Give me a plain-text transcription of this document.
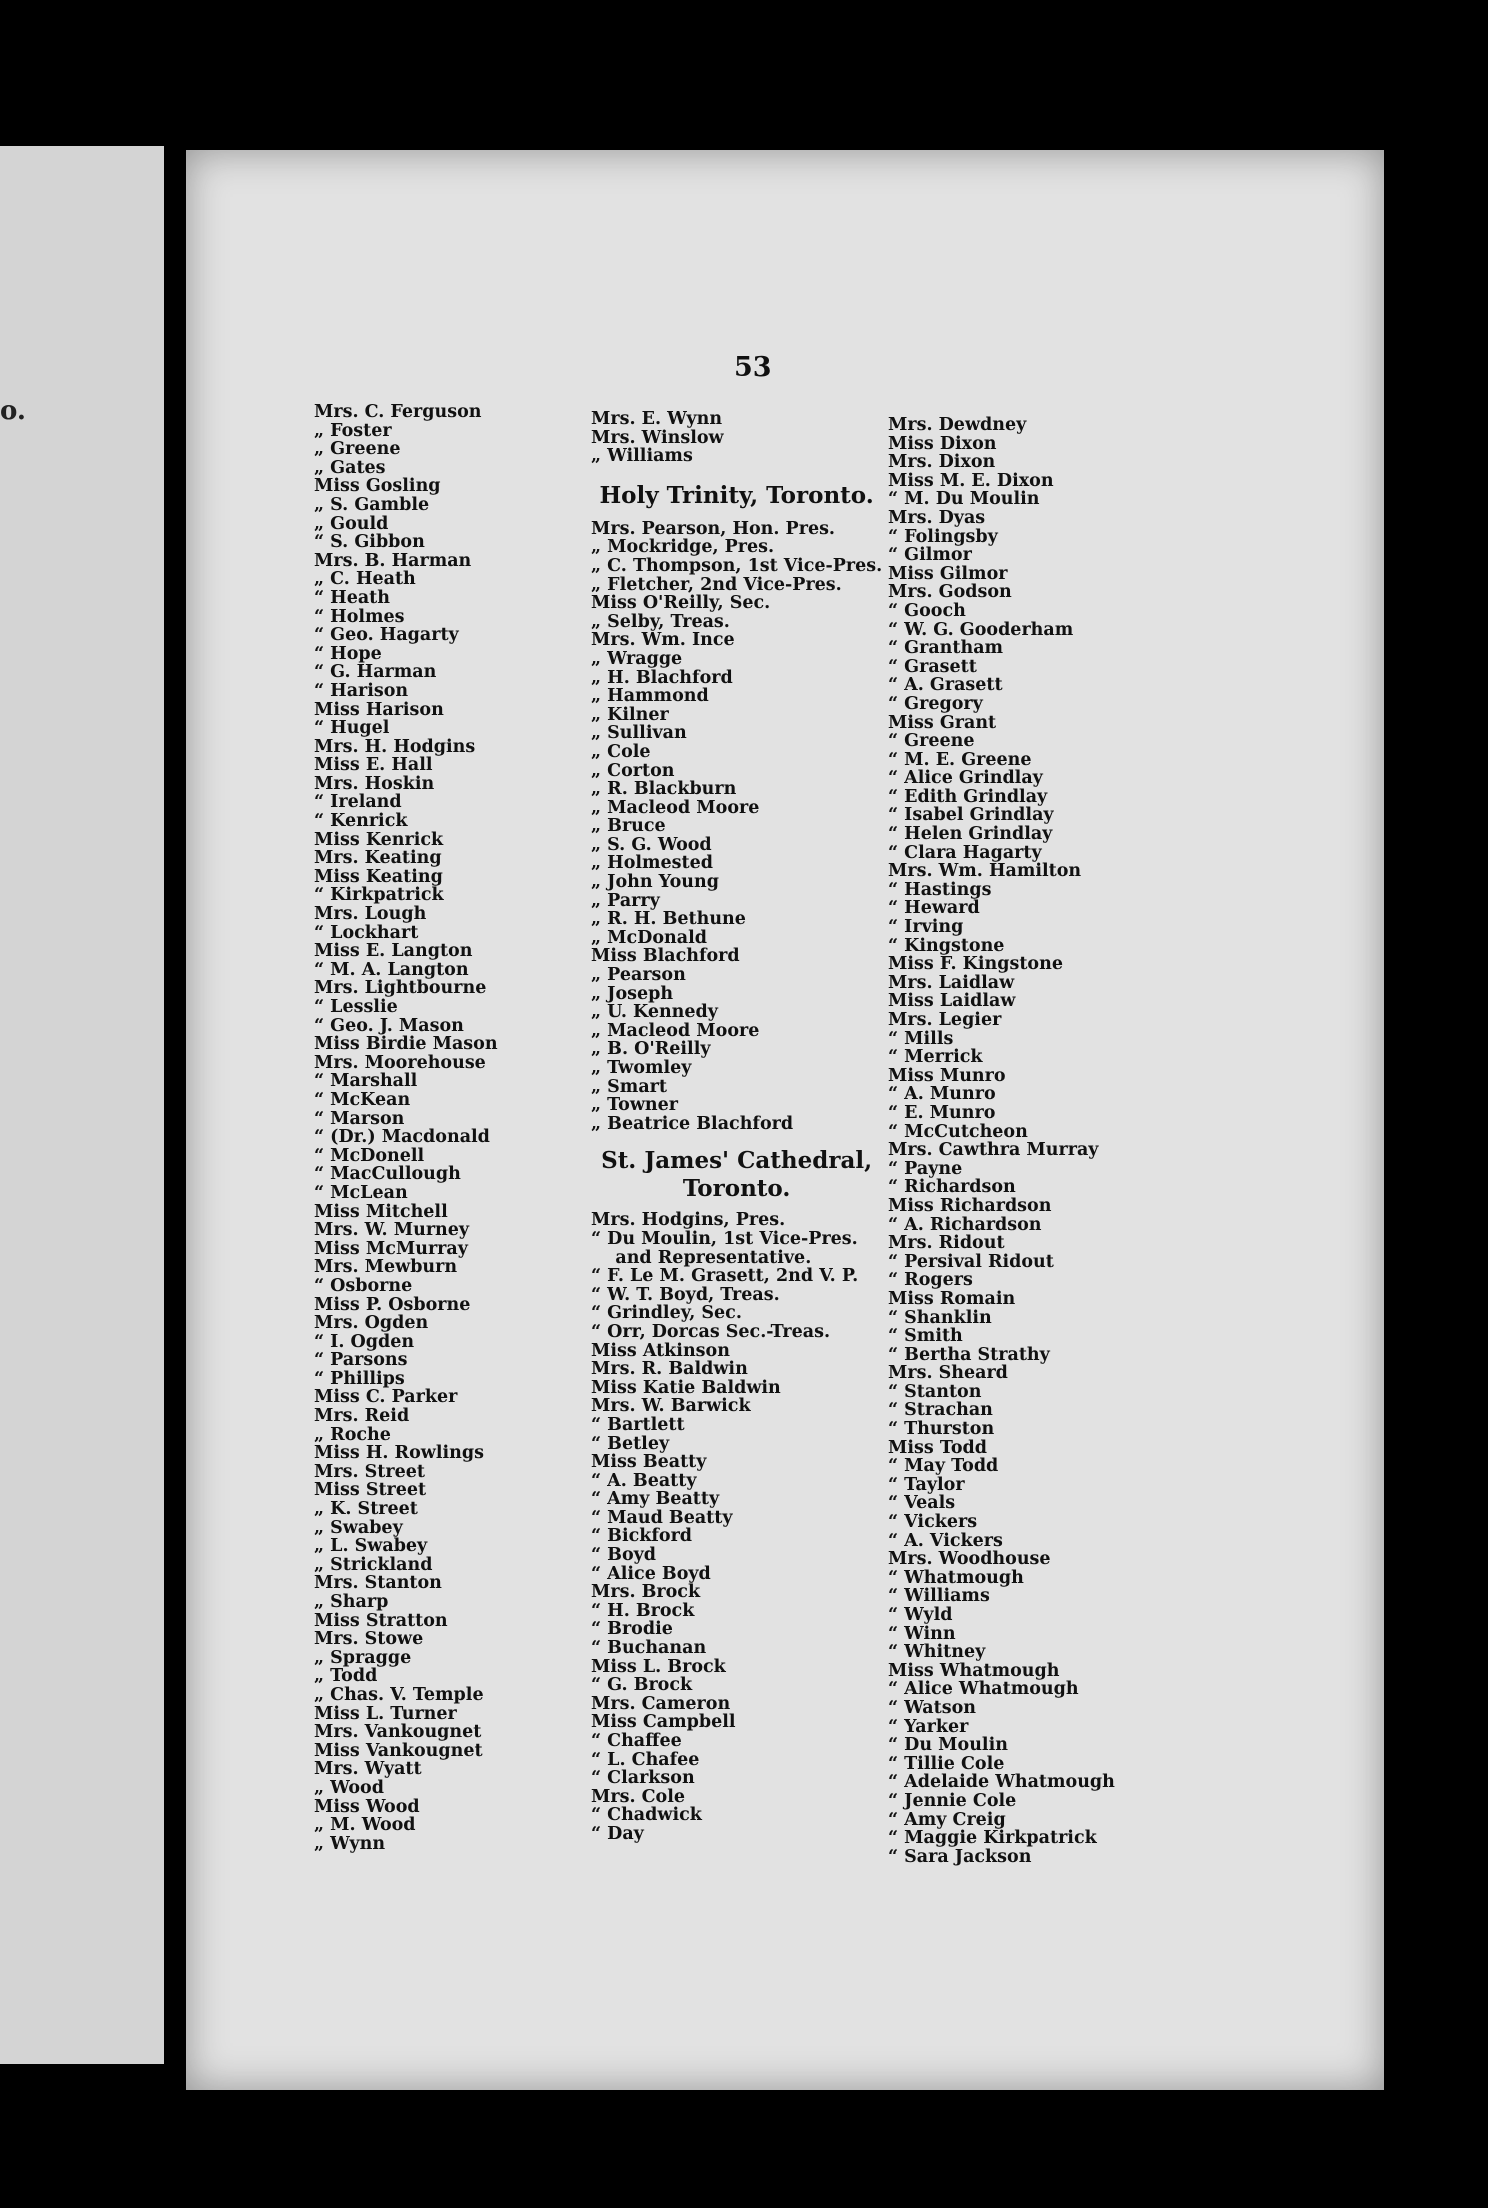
o.
53
Mrs. C. Ferguson
„ Foster
„ Greene
„ Gates
Miss Gosling
„ S. Gamble
„ Gould
“ S. Gibbon
Mrs. B. Harman
„ C. Heath
“ Heath
“ Holmes
“ Geo. Hagarty
“ Hope
“ G. Harman
“ Harison
Miss Harison
“ Hugel
Mrs. H. Hodgins
Miss E. Hall
Mrs. Hoskin
“ Ireland
“ Kenrick
Miss Kenrick
Mrs. Keating
Miss Keating
“ Kirkpatrick
Mrs. Lough
“ Lockhart
Miss E. Langton
“ M. A. Langton
Mrs. Lightbourne
“ Lesslie
“ Geo. J. Mason
Miss Birdie Mason
Mrs. Moorehouse
“ Marshall
“ McKean
“ Marson
“ (Dr.) Macdonald
“ McDonell
“ MacCullough
“ McLean
Miss Mitchell
Mrs. W. Murney
Miss McMurray
Mrs. Mewburn
“ Osborne
Miss P. Osborne
Mrs. Ogden
“ I. Ogden
“ Parsons
“ Phillips
Miss C. Parker
Mrs. Reid
„ Roche
Miss H. Rowlings
Mrs. Street
Miss Street
„ K. Street
„ Swabey
„ L. Swabey
„ Strickland
Mrs. Stanton
„ Sharp
Miss Stratton
Mrs. Stowe
„ Spragge
„ Todd
„ Chas. V. Temple
Miss L. Turner
Mrs. Vankougnet
Miss Vankougnet
Mrs. Wyatt
„ Wood
Miss Wood
„ M. Wood
„ Wynn
Mrs. E. Wynn
Mrs. Winslow
„ Williams
Holy Trinity, Toronto.
Mrs. Pearson, Hon. Pres.
„ Mockridge, Pres.
„ C. Thompson, 1st Vice-Pres.
„ Fletcher, 2nd Vice-Pres.
Miss O'Reilly, Sec.
„ Selby, Treas.
Mrs. Wm. Ince
„ Wragge
„ H. Blachford
„ Hammond
„ Kilner
„ Sullivan
„ Cole
„ Corton
„ R. Blackburn
„ Macleod Moore
„ Bruce
„ S. G. Wood
„ Holmested
„ John Young
„ Parry
„ R. H. Bethune
„ McDonald
Miss Blachford
„ Pearson
„ Joseph
„ U. Kennedy
„ Macleod Moore
„ B. O'Reilly
„ Twomley
„ Smart
„ Towner
„ Beatrice Blachford
St. James' Cathedral,
Toronto.
Mrs. Hodgins, Pres.
“ Du Moulin, 1st Vice-Pres.
and Representative.
“ F. Le M. Grasett, 2nd V. P.
“ W. T. Boyd, Treas.
“ Grindley, Sec.
“ Orr, Dorcas Sec.-Treas.
Miss Atkinson
Mrs. R. Baldwin
Miss Katie Baldwin
Mrs. W. Barwick
“ Bartlett
“ Betley
Miss Beatty
“ A. Beatty
“ Amy Beatty
“ Maud Beatty
“ Bickford
“ Boyd
“ Alice Boyd
Mrs. Brock
“ H. Brock
“ Brodie
“ Buchanan
Miss L. Brock
“ G. Brock
Mrs. Cameron
Miss Campbell
“ Chaffee
“ L. Chafee
“ Clarkson
Mrs. Cole
“ Chadwick
“ Day
Mrs. Dewdney
Miss Dixon
Mrs. Dixon
Miss M. E. Dixon
“ M. Du Moulin
Mrs. Dyas
“ Folingsby
“ Gilmor
Miss Gilmor
Mrs. Godson
“ Gooch
“ W. G. Gooderham
“ Grantham
“ Grasett
“ A. Grasett
“ Gregory
Miss Grant
“ Greene
“ M. E. Greene
“ Alice Grindlay
“ Edith Grindlay
“ Isabel Grindlay
“ Helen Grindlay
“ Clara Hagarty
Mrs. Wm. Hamilton
“ Hastings
“ Heward
“ Irving
“ Kingstone
Miss F. Kingstone
Mrs. Laidlaw
Miss Laidlaw
Mrs. Legier
“ Mills
“ Merrick
Miss Munro
“ A. Munro
“ E. Munro
“ McCutcheon
Mrs. Cawthra Murray
“ Payne
“ Richardson
Miss Richardson
“ A. Richardson
Mrs. Ridout
“ Persival Ridout
“ Rogers
Miss Romain
“ Shanklin
“ Smith
“ Bertha Strathy
Mrs. Sheard
“ Stanton
“ Strachan
“ Thurston
Miss Todd
“ May Todd
“ Taylor
“ Veals
“ Vickers
“ A. Vickers
Mrs. Woodhouse
“ Whatmough
“ Williams
“ Wyld
“ Winn
“ Whitney
Miss Whatmough
“ Alice Whatmough
“ Watson
“ Yarker
“ Du Moulin
“ Tillie Cole
“ Adelaide Whatmough
“ Jennie Cole
“ Amy Creig
“ Maggie Kirkpatrick
“ Sara Jackson
